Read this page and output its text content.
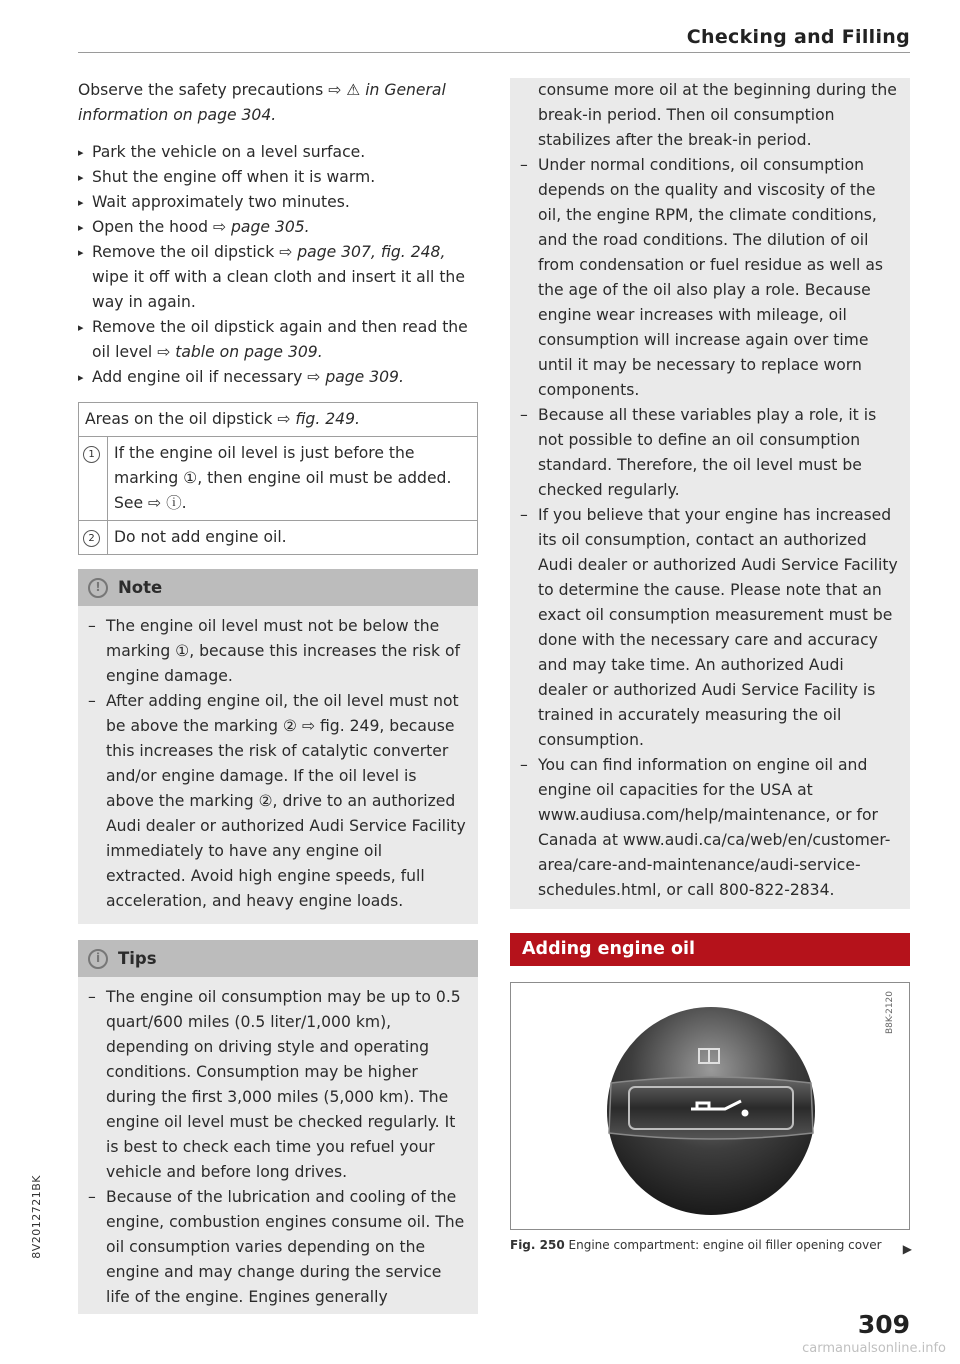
Checking and Filling

Observe the safety precautions ⇨ ⚠ in General information on page 304.

▸ Park the vehicle on a level surface.
▸ Shut the engine off when it is warm.
▸ Wait approximately two minutes.
▸ Open the hood ⇨ page 305.
▸ Remove the oil dipstick ⇨ page 307, fig. 248, wipe it off with a clean cloth and insert it all the way in again.
▸ Remove the oil dipstick again and then read the oil level ⇨ table on page 309.
▸ Add engine oil if necessary ⇨ page 309.
Areas on the oil dipstick ⇨ fig. 249.	
1	If the engine oil level is just before the marking ①, then engine oil must be added. See ⇨ ⓘ.
2	Do not add engine oil.
!	Note

– The engine oil level must not be below the marking ①, because this increases the risk of engine damage.

– After adding engine oil, the oil level must not be above the marking ② ⇨ fig. 249, because this increases the risk of catalytic converter and/or engine damage. If the oil level is above the marking ②, drive to an authorized Audi dealer or authorized Audi Service Facility immediately to have any engine oil extracted. Avoid high engine speeds, full acceleration, and heavy engine loads.

i	Tips

– The engine oil consumption may be up to 0.5 quart/600 miles (0.5 liter/1,000 km), depending on driving style and operating conditions. Consumption may be higher during the first 3,000 miles (5,000 km). The engine oil level must be checked regularly. It is best to check each time you refuel your vehicle and before long drives.

– Because of the lubrication and cooling of the engine, combustion engines consume oil. The oil consumption varies depending on the engine and may change during the service life of the engine. Engines generally

consume more oil at the beginning during the break-in period. Then oil consumption stabilizes after the break-in period.

– Under normal conditions, oil consumption depends on the quality and viscosity of the oil, the engine RPM, the climate conditions, and the road conditions. The dilution of oil from condensation or fuel residue as well as the age of the oil also play a role. Because engine wear increases with mileage, oil consumption will increase again over time until it may be necessary to replace worn components.

– Because all these variables play a role, it is not possible to define an oil consumption standard. Therefore, the oil level must be checked regularly.

– If you believe that your engine has increased its oil consumption, contact an authorized Audi dealer or authorized Audi Service Facility to determine the cause. Please note that an exact oil consumption measurement must be done with the necessary care and accuracy and may take time. An authorized Audi dealer or authorized Audi Service Facility is trained in accurately measuring the oil consumption.

– You can find information on engine oil and engine oil capacities for the USA at www.audiusa.com/help/maintenance, or for Canada at www.audi.ca/ca/web/en/customer-area/care-and-maintenance/audi-service-schedules.html, or call 800-822-2834.

Adding engine oil
B8K-2120

Fig. 250 Engine compartment: engine oil filler opening cover	▶
309
8V2012721BK
carmanualsonline.info
